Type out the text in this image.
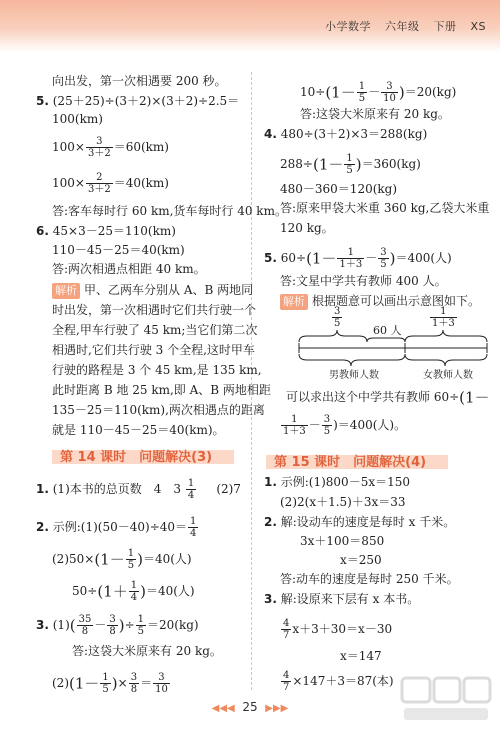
小学数学 六年级 下册 XS
向出发，第一次相遇要 200 秒。
5. (25＋25)÷(3＋2)×(3＋2)÷2.5＝
100(km)
$100\times \frac{3}{3+2} =60(km)$
$100\times \frac{2}{3+2} =40(km)$
答:客车每时行 60 km,货车每时行 40 km。
6. 45×3－25＝110(km)
110－45－25＝40(km)
答:两次相遇点相距 40 km。
解析 甲、乙两车分别从 A、B 两地同
时出发，第一次相遇时它们共行驶一个
全程,甲车行驶了 45 km;当它们第二次
相遇时,它们共行驶 3 个全程,这时甲车
行驶的路程是 3 个 45 km,是 135 km,
此时距离 B 地 25 km,即 A、B 两地相距
135－25＝110(km),两次相遇点的距离
就是 110－45－25＝40(km)。
第 14 课时　问题解决(3)
1. (1)本书的总页数　4　$3 \frac{1}{4} (2)7$
2. 示例:(1)(50－40)÷40＝ $\frac{1}{4}$
$(2)50\times(1- \frac{1}{5} )=40$(人)
$50\div(1+ \frac{1}{4} )=40$(人)
3. $(1)( \frac{35}{8} - \frac{3}{8}$ )÷ $\frac{1}{5} =20(kg)$
答:这袋大米原来有 20 kg。
$(2)(1- \frac{1}{5}$ )× $\frac{3}{8} = \frac{3}{10}$
$10\div(1- \frac{1}{5} - \frac{3}{10} )=20(kg)$
答:这袋大米原来有 20 kg。
4. 480÷(3＋2)×3＝288(kg)
$288\div(1- \frac{1}{5} )=360(kg)$
480－360＝120(kg)
答:原来甲袋大米重 360 kg,乙袋大米重
120 kg。
5. $60\div(1- \frac{1}{1+3} - \frac{3}{5} )=400$(人)
答:文星中学共有教师 400 人。
解析 根据题意可以画出示意图如下。
$\frac{3}{5}$
60 人
$\frac{1}{1+3}$
男教师人数	女教师人数
可以求出这个中学共有教师 60÷(1－
$\frac{1}{1+3} - \frac{3}{5} )=400$(人)。
第 15 课时　问题解决(4)
1. 示例:(1)800－5x＝150
(2)2(x＋1.5)＋3x＝33
2. 解:设动车的速度是每时 x 千米。
3x＋100＝850
x＝250
答:动车的速度是每时 250 千米。
3. 解:设原来下层有 x 本书。
$\frac{4}{7} x+3+30=x-30$
x＝147
$\frac{4}{7} \times 147+3=87$(本)
◀◀◀ 25 ▶▶▶
